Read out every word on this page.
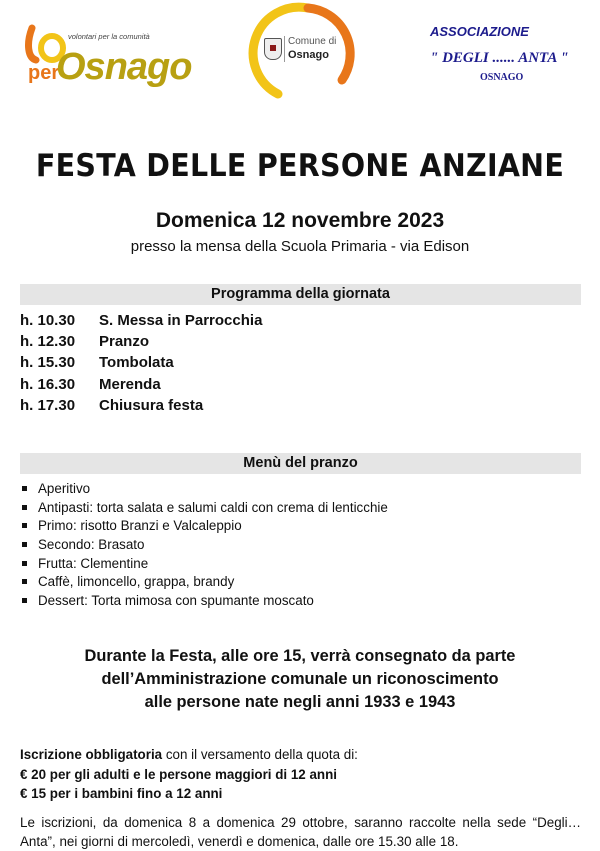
volontari per la comunità
per
Osnago
Comune di
Osnago
ASSOCIAZIONE
" DEGLI ...... ANTA "
OSNAGO
FESTA DELLE PERSONE ANZIANE
Domenica 12 novembre 2023
presso la mensa della Scuola Primaria - via Edison
Programma della giornata
h. 10.30 S. Messa in Parrocchia
h. 12.30 Pranzo
h. 15.30 Tombolata
h. 16.30 Merenda
h. 17.30 Chiusura festa
Menù del pranzo
Aperitivo
Antipasti: torta salata e salumi caldi con crema di lenticchie
Primo: risotto Branzi e Valcaleppio
Secondo: Brasato
Frutta: Clementine
Caffè, limoncello, grappa, brandy
Dessert: Torta mimosa con spumante moscato
Durante la Festa, alle ore 15, verrà consegnato da parte
dell’Amministrazione comunale un riconoscimento
alle persone nate negli anni 1933 e 1943
Iscrizione obbligatoria con il versamento della quota di:
€ 20 per gli adulti e le persone maggiori di 12 anni
€ 15 per i bambini fino a 12 anni
Le iscrizioni, da domenica 8 a domenica 29 ottobre, saranno raccolte nella sede “Degli…Anta”, nei giorni di mercoledì, venerdì e domenica, dalle ore 15.30 alle 18.
